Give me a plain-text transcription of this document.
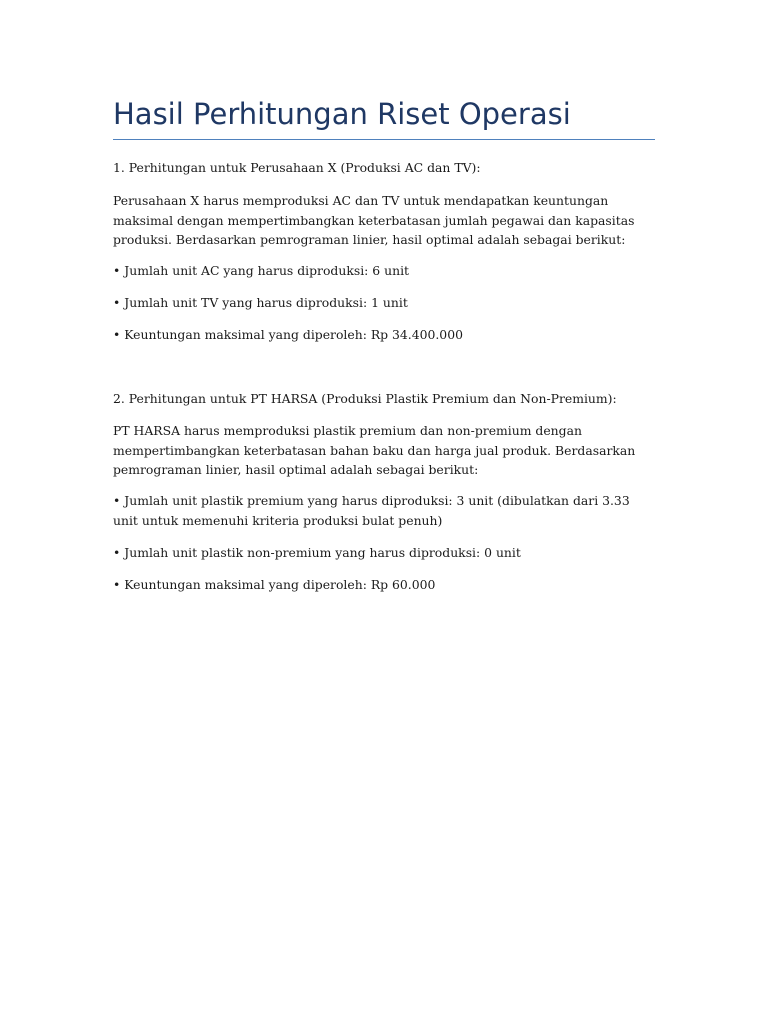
Hasil Perhitungan Riset Operasi

1. Perhitungan untuk Perusahaan X (Produksi AC dan TV):

Perusahaan X harus memproduksi AC dan TV untuk mendapatkan keuntungan maksimal dengan mempertimbangkan keterbatasan jumlah pegawai dan kapasitas produksi. Berdasarkan pemrograman linier, hasil optimal adalah sebagai berikut:

• Jumlah unit AC yang harus diproduksi: 6 unit

• Jumlah unit TV yang harus diproduksi: 1 unit

• Keuntungan maksimal yang diperoleh: Rp 34.400.000

2. Perhitungan untuk PT HARSA (Produksi Plastik Premium dan Non-Premium):

PT HARSA harus memproduksi plastik premium dan non-premium dengan mempertimbangkan keterbatasan bahan baku dan harga jual produk. Berdasarkan pemrograman linier, hasil optimal adalah sebagai berikut:

• Jumlah unit plastik premium yang harus diproduksi: 3 unit (dibulatkan dari 3.33 unit untuk memenuhi kriteria produksi bulat penuh)

• Jumlah unit plastik non-premium yang harus diproduksi: 0 unit

• Keuntungan maksimal yang diperoleh: Rp 60.000
